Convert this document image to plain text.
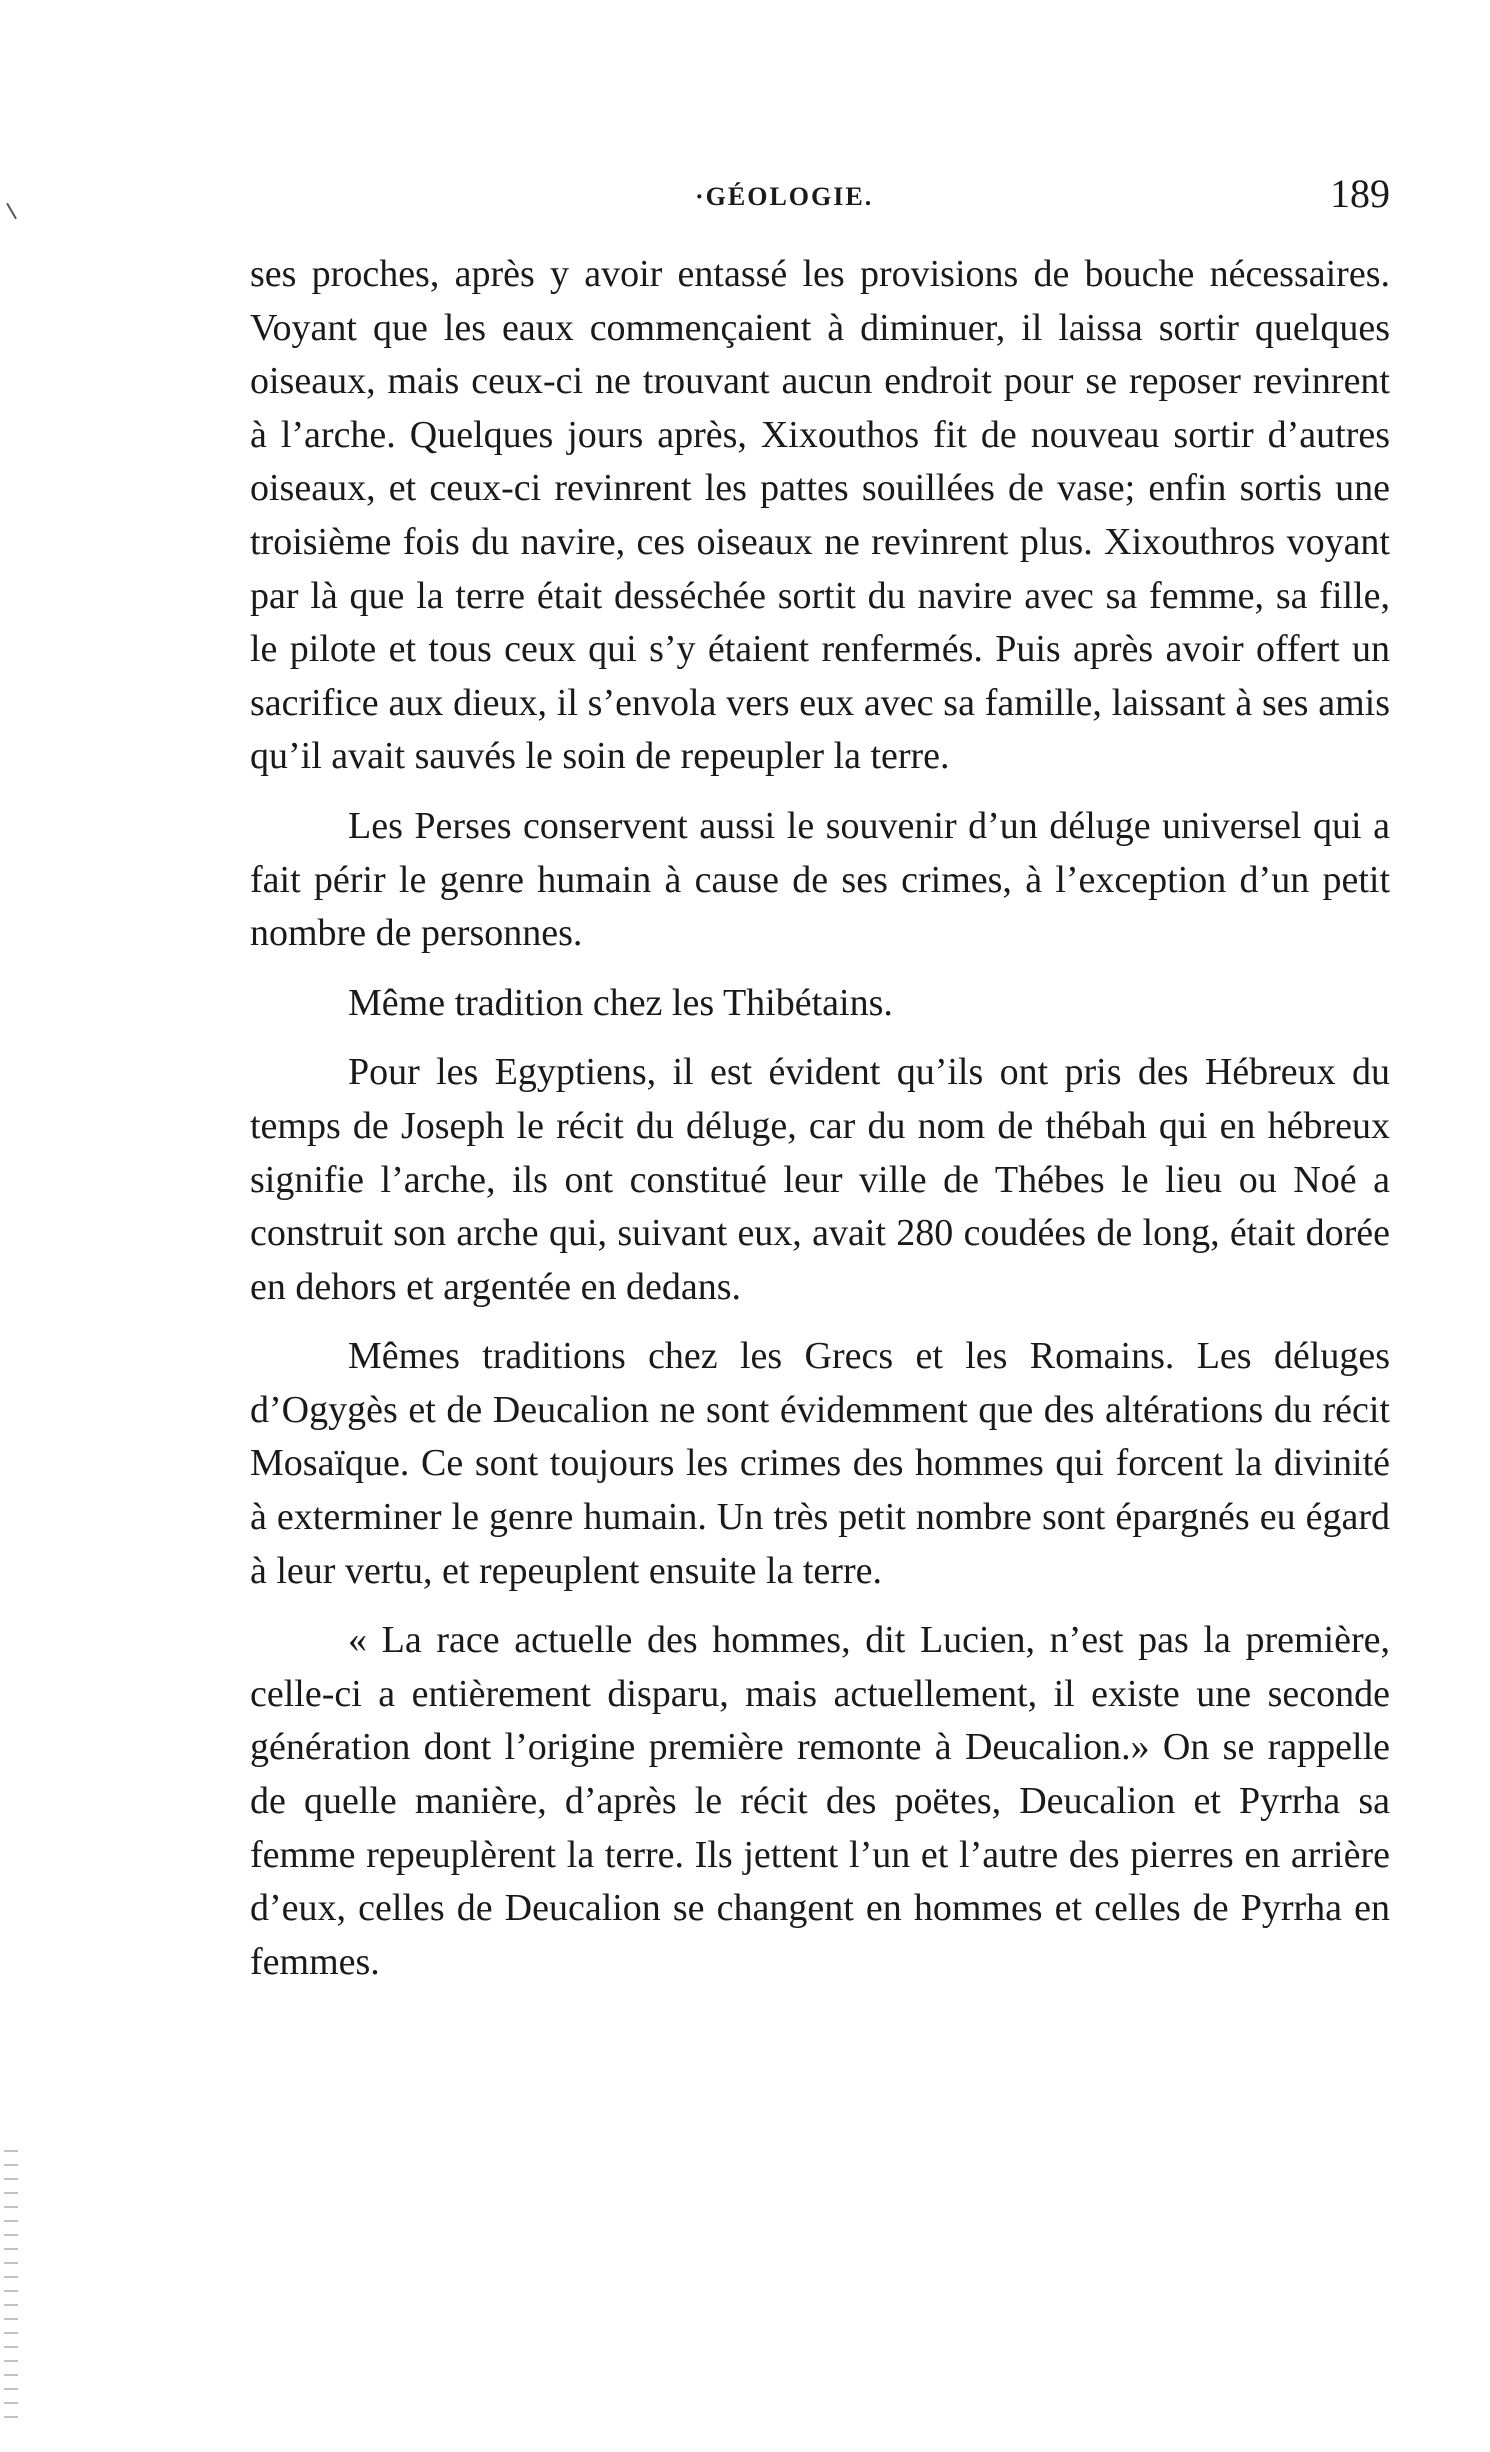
·GÉOLOGIE.	189

ses proches, après y avoir entassé les provisions de bouche nécessaires. Voyant que les eaux commençaient à diminuer, il laissa sortir quelques oiseaux, mais ceux-ci ne trouvant aucun endroit pour se reposer revinrent à l’arche. Quelques jours après, Xixouthos fit de nouveau sortir d’autres oiseaux, et ceux-ci revinrent les pattes souillées de vase; enfin sortis une troisième fois du navire, ces oiseaux ne revinrent plus. Xixouthros voyant par là que la terre était desséchée sortit du navire avec sa femme, sa fille, le pilote et tous ceux qui s’y étaient renfermés. Puis après avoir offert un sacrifice aux dieux, il s’envola vers eux avec sa famille, laissant à ses amis qu’il avait sauvés le soin de repeupler la terre.

Les Perses conservent aussi le souvenir d’un déluge universel qui a fait périr le genre humain à cause de ses crimes, à l’exception d’un petit nombre de personnes.

Même tradition chez les Thibétains.

Pour les Egyptiens, il est évident qu’ils ont pris des Hébreux du temps de Joseph le récit du déluge, car du nom de thébah qui en hébreux signifie l’arche, ils ont constitué leur ville de Thébes le lieu ou Noé a construit son arche qui, suivant eux, avait 280 coudées de long, était dorée en dehors et argentée en dedans.

Mêmes traditions chez les Grecs et les Romains. Les déluges d’Ogygès et de Deucalion ne sont évidemment que des altérations du récit Mosaïque. Ce sont toujours les crimes des hommes qui forcent la divinité à exterminer le genre humain. Un très petit nombre sont épargnés eu égard à leur vertu, et repeuplent ensuite la terre.

« La race actuelle des hommes, dit Lucien, n’est pas la première, celle-ci a entièrement disparu, mais actuellement, il existe une seconde génération dont l’origine première remonte à Deucalion.» On se rappelle de quelle manière, d’après le récit des poëtes, Deucalion et Pyrrha sa femme repeuplèrent la terre. Ils jettent l’un et l’autre des pierres en arrière d’eux, celles de Deucalion se changent en hommes et celles de Pyrrha en femmes.
